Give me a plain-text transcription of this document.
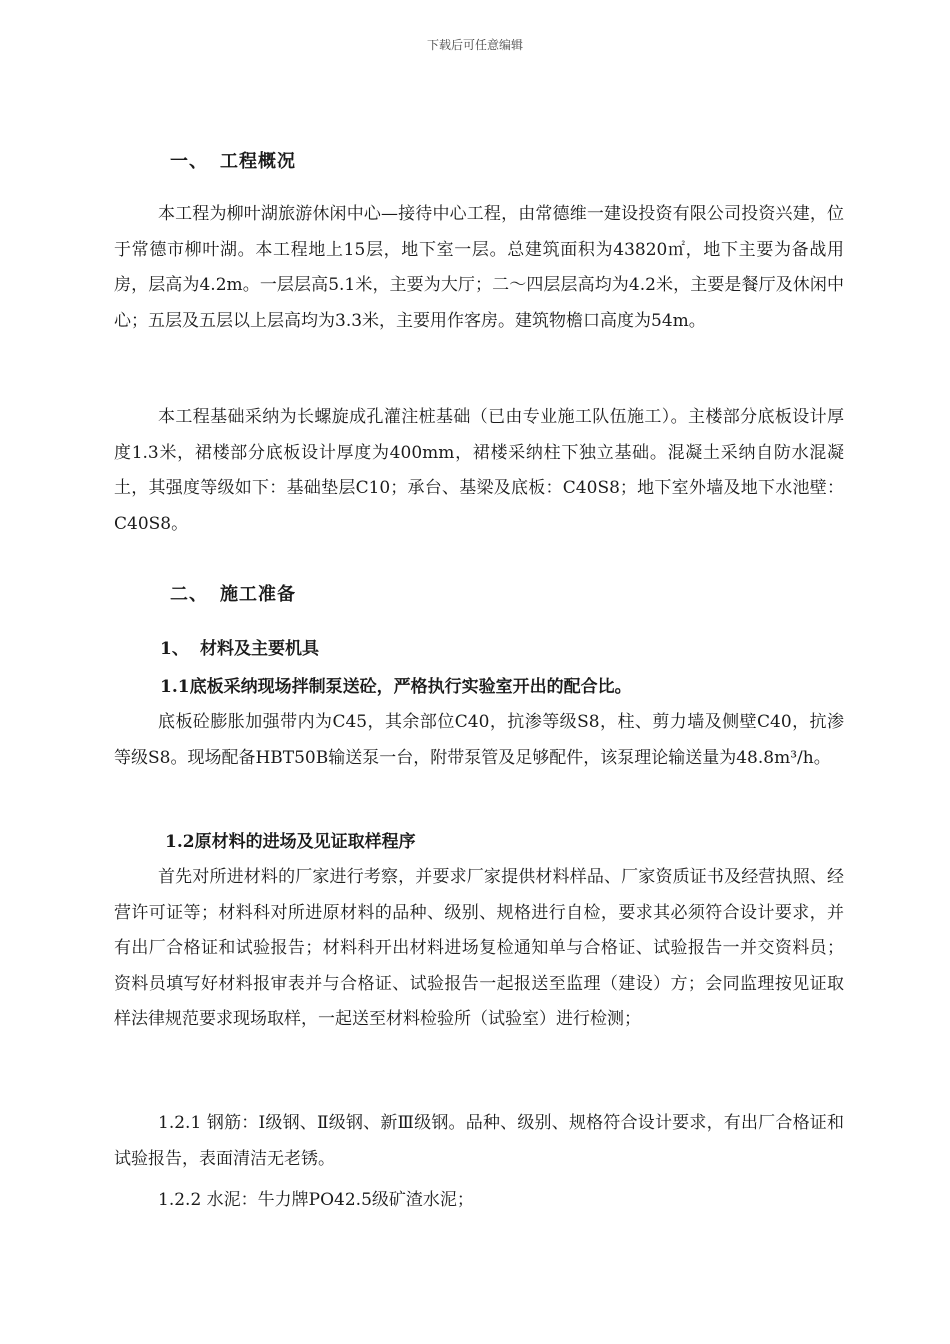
下载后可任意编辑
一、 工程概况
本工程为柳叶湖旅游休闲中心—接待中心工程，由常德维一建设投资有限公司投资兴建，位于常德市柳叶湖。本工程地上15层，地下室一层。总建筑面积为43820㎡，地下主要为备战用房，层高为4.2m。一层层高5.1米，主要为大厅；二～四层层高均为4.2米，主要是餐厅及休闲中心；五层及五层以上层高均为3.3米，主要用作客房。建筑物檐口高度为54m。
本工程基础采纳为长螺旋成孔灌注桩基础（已由专业施工队伍施工）。主楼部分底板设计厚度1.3米，裙楼部分底板设计厚度为400mm，裙楼采纳柱下独立基础。混凝土采纳自防水混凝土，其强度等级如下：基础垫层C10；承台、基梁及底板：C40S8；地下室外墙及地下水池壁：C40S8。
二、 施工准备
1、 材料及主要机具
1.1底板采纳现场拌制泵送砼，严格执行实验室开出的配合比。
底板砼膨胀加强带内为C45，其余部位C40，抗渗等级S8，柱、剪力墙及侧壁C40，抗渗等级S8。现场配备HBT50B输送泵一台，附带泵管及足够配件，该泵理论输送量为48.8m³/h。
1.2原材料的进场及见证取样程序
首先对所进材料的厂家进行考察，并要求厂家提供材料样品、厂家资质证书及经营执照、经营许可证等；材料科对所进原材料的品种、级别、规格进行自检，要求其必须符合设计要求，并有出厂合格证和试验报告；材料科开出材料进场复检通知单与合格证、试验报告一并交资料员；资料员填写好材料报审表并与合格证、试验报告一起报送至监理（建设）方；会同监理按见证取样法律规范要求现场取样，一起送至材料检验所（试验室）进行检测；
1.2.1 钢筋：Ⅰ级钢、Ⅱ级钢、新Ⅲ级钢。品种、级别、规格符合设计要求，有出厂合格证和试验报告，表面清洁无老锈。
1.2.2 水泥：牛力牌PO42.5级矿渣水泥；
